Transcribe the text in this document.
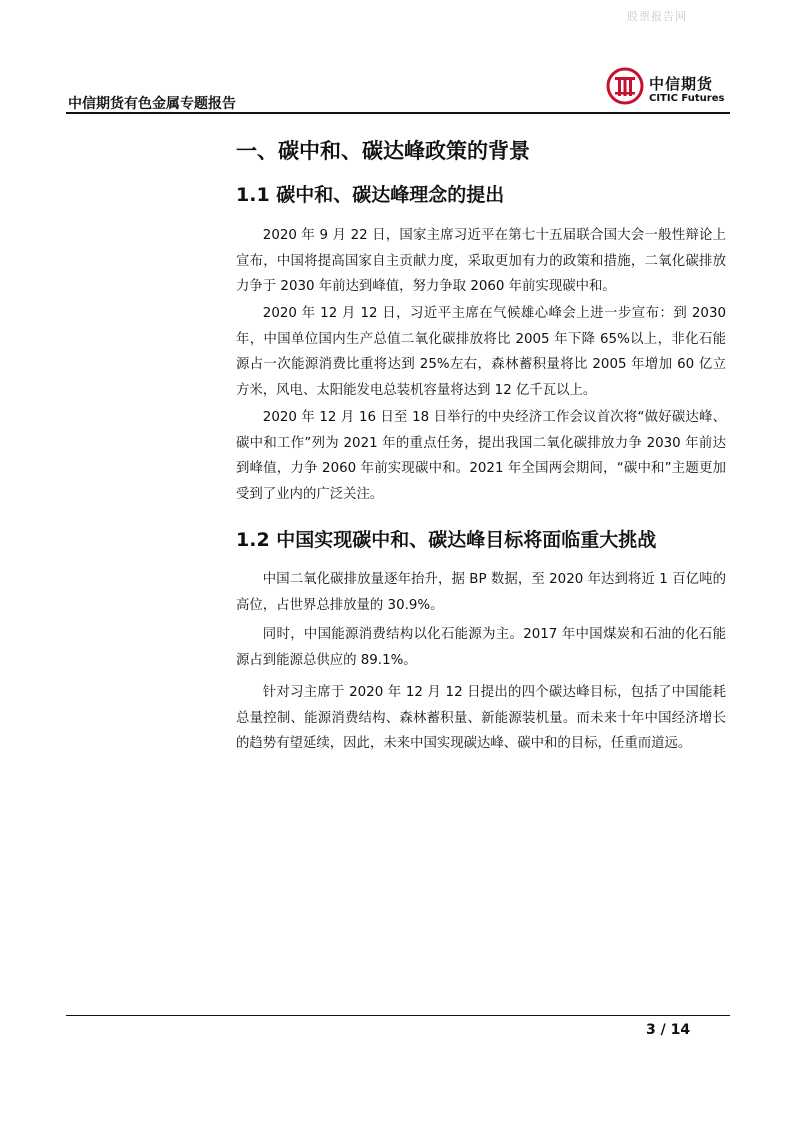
股票报告网
中信期货有色金属专题报告
中信期货
CITIC Futures
一、碳中和、碳达峰政策的背景
1.1 碳中和、碳达峰理念的提出

2020 年 9 月 22 日，国家主席习近平在第七十五届联合国大会一般性辩论上宣布，中国将提高国家自主贡献力度，采取更加有力的政策和措施，二氧化碳排放力争于 2030 年前达到峰值，努力争取 2060 年前实现碳中和。

2020 年 12 月 12 日，习近平主席在气候雄心峰会上进一步宣布：到 2030 年，中国单位国内生产总值二氧化碳排放将比 2005 年下降 65%以上，非化石能源占一次能源消费比重将达到 25%左右，森林蓄积量将比 2005 年增加 60 亿立方米，风电、太阳能发电总装机容量将达到 12 亿千瓦以上。

2020 年 12 月 16 日至 18 日举行的中央经济工作会议首次将“做好碳达峰、碳中和工作”列为 2021 年的重点任务，提出我国二氧化碳排放力争 2030 年前达到峰值，力争 2060 年前实现碳中和。2021 年全国两会期间，“碳中和”主题更加受到了业内的广泛关注。

1.2 中国实现碳中和、碳达峰目标将面临重大挑战

中国二氧化碳排放量逐年抬升，据 BP 数据，至 2020 年达到将近 1 百亿吨的高位，占世界总排放量的 30.9%。

同时，中国能源消费结构以化石能源为主。2017 年中国煤炭和石油的化石能源占到能源总供应的 89.1%。

针对习主席于 2020 年 12 月 12 日提出的四个碳达峰目标，包括了中国能耗总量控制、能源消费结构、森林蓄积量、新能源装机量。而未来十年中国经济增长的趋势有望延续，因此，未来中国实现碳达峰、碳中和的目标，任重而道远。

3 / 14
